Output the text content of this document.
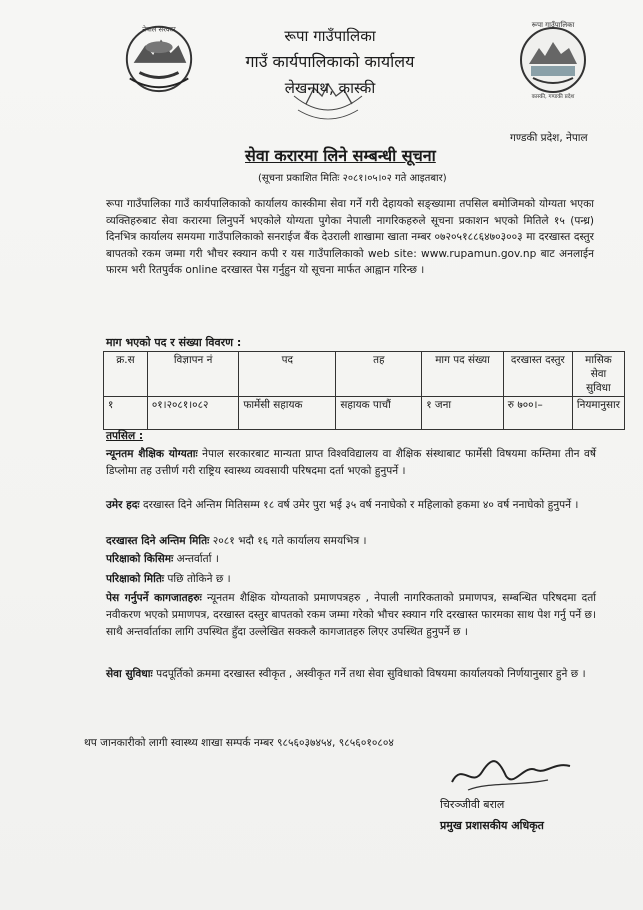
नेपाल सरकार
रूपा गाउँपालिका
कास्की, गण्डकी प्रदेश
रूपा गाउँपालिका
गाउँ कार्यपालिकाको कार्यालय
लेखनाथ, कास्की
गण्डकी प्रदेश, नेपाल
सेवा करारमा लिने सम्बन्धी सूचना
(सूचना प्रकाशित मितिः २०८१।०५।०२ गते आइतबार)
रूपा गाउँपालिका गाउँ कार्यपालिकाको कार्यालय कास्कीमा सेवा गर्ने गरी देहायको सङ्ख्यामा तपसिल बमोजिमको योग्यता भएका व्यक्तिहरुबाट सेवा करारमा लिनुपर्ने भएकोले योग्यता पुगेका नेपाली नागरिकहरुले सूचना प्रकाशन भएको मितिले १५ (पन्ध्र) दिनभित्र कार्यालय समयमा गाउँपालिकाको सनराईज बैंक देउराली शाखामा खाता नम्बर ०७२०५१८८६४७०३००३ मा दरखास्त दस्तुर बापतको रकम जम्मा गरी भौचर स्क्यान कपी र यस गाउँपालिकाको web site: www.rupamun.gov.np बाट अनलाईन फारम भरी रितपुर्वक online दरखास्त पेस गर्नुहुन यो सूचना मार्फत आह्वान गरिन्छ ।
माग भएको पद र संख्या विवरण :
क्र.स	विज्ञापन नं	पद	तह	माग पद संख्या	दरखास्त दस्तुर	मासिक सेवा सुविधा
१	०१।२०८१।०८२	फार्मेसी सहायक	सहायक पाचौं	१ जना	रु ७००।–	नियमानुसार
तपसिल :
न्यूनतम शैक्षिक योग्यताः नेपाल सरकारबाट मान्यता प्राप्त विश्वविद्यालय वा शैक्षिक संस्थाबाट फार्मेसी विषयमा कम्तिमा तीन वर्षे डिप्लोमा तह उत्तीर्ण गरी राष्ट्रिय स्वास्थ्य व्यवसायी परिषदमा दर्ता भएको हुनुपर्ने ।
उमेर हदः दरखास्त दिने अन्तिम मितिसम्म १८ वर्ष उमेर पुरा भई ३५ वर्ष ननाघेको र महिलाको हकमा ४० वर्ष ननाघेको हुनुपर्ने ।
दरखास्त दिने अन्तिम मितिः २०८१ भदौ १६ गते कार्यालय समयभित्र ।
परिक्षाको किसिमः अन्तर्वार्ता ।
परिक्षाको मितिः पछि तोकिने छ ।
पेस गर्नुपर्ने कागजातहरुः न्यूनतम शैक्षिक योग्यताको प्रमाणपत्रहरु , नेपाली नागरिकताको प्रमाणपत्र, सम्बन्धित परिषदमा दर्ता नवीकरण भएको प्रमाणपत्र, दरखास्त दस्तुर बापतको रकम जम्मा गरेको भौचर स्क्यान गरि दरखास्त फारमका साथ पेश गर्नु पर्ने छ। साथै अन्तर्वार्ताका लागि उपस्थित हुँदा उल्लेखित सक्कलै कागजातहरु लिएर उपस्थित हुनुपर्ने छ ।
सेवा सुविधाः पदपूर्तिको क्रममा दरखास्त स्वीकृत , अस्वीकृत गर्ने तथा सेवा सुविधाको विषयमा कार्यालयको निर्णयानुसार हुने छ ।
थप जानकारीको लागी स्वास्थ्य शाखा सम्पर्क नम्बर ९८५६०३७४५४, ९८५६०१०८०४
चिरञ्जीवी बराल
प्रमुख प्रशासकीय अधिकृत
